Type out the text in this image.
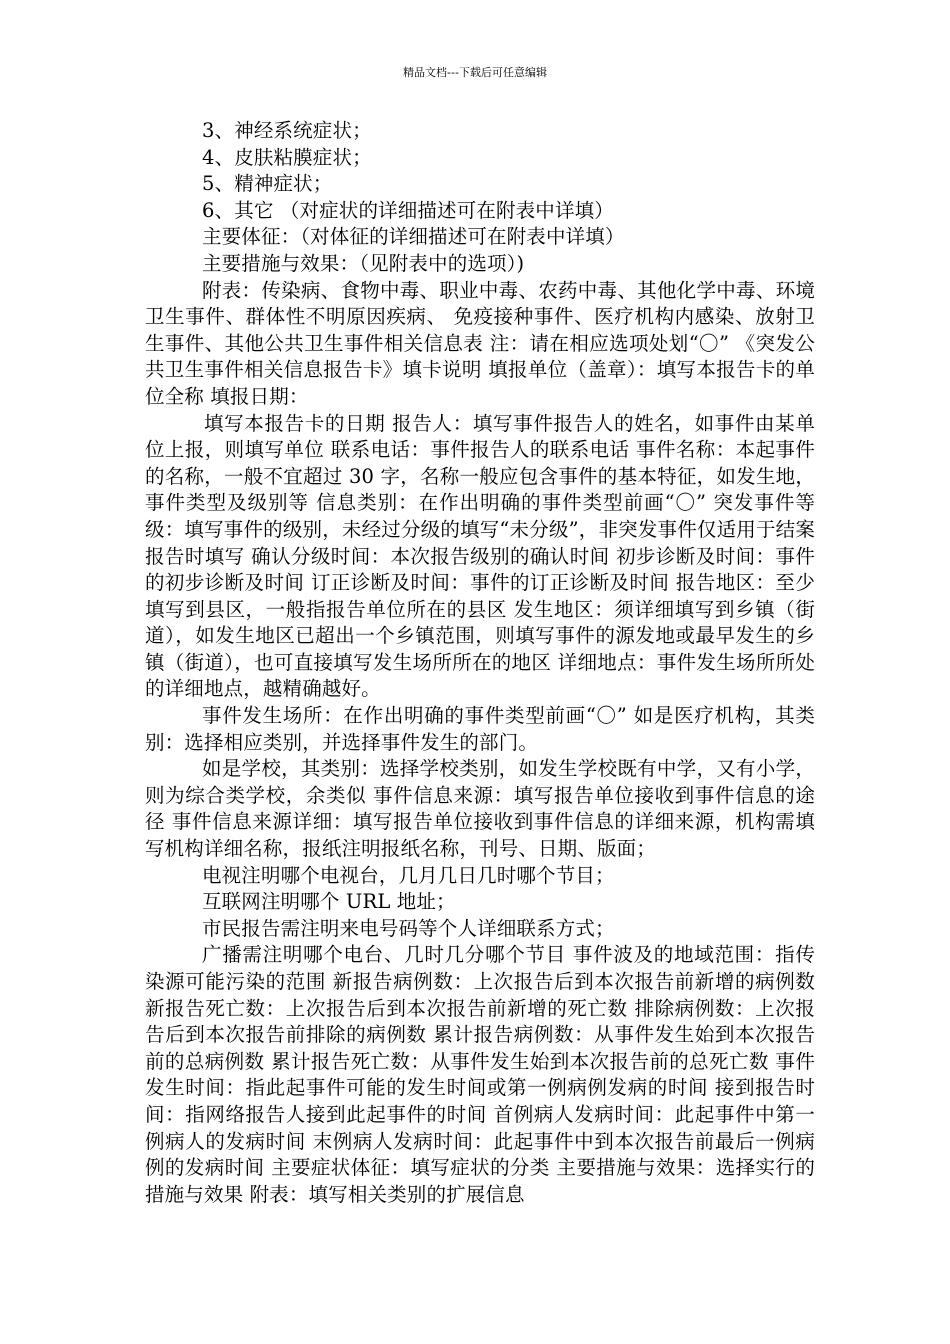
精品文档---下载后可任意编辑

3、神经系统症状；

4、皮肤粘膜症状；

5、精神症状；

6、其它 （对症状的详细描述可在附表中详填）

主要体征：（对体征的详细描述可在附表中详填）

主要措施与效果：（见附表中的选项）)

附表：传染病、食物中毒、职业中毒、农药中毒、其他化学中毒、环境卫生事件、群体性不明原因疾病、 免疫接种事件、医疗机构内感染、放射卫生事件、其他公共卫生事件相关信息表 注：请在相应选项处划“〇” 《突发公共卫生事件相关信息报告卡》填卡说明 填报单位（盖章）：填写本报告卡的单位全称 填报日期：

填写本报告卡的日期 报告人：填写事件报告人的姓名，如事件由某单位上报，则填写单位 联系电话：事件报告人的联系电话 事件名称：本起事件的名称，一般不宜超过 30 字，名称一般应包含事件的基本特征，如发生地，事件类型及级别等 信息类别：在作出明确的事件类型前画“〇” 突发事件等级：填写事件的级别，未经过分级的填写“未分级”，非突发事件仅适用于结案报告时填写 确认分级时间：本次报告级别的确认时间 初步诊断及时间：事件的初步诊断及时间 订正诊断及时间：事件的订正诊断及时间 报告地区：至少填写到县区，一般指报告单位所在的县区 发生地区：须详细填写到乡镇（街道），如发生地区已超出一个乡镇范围，则填写事件的源发地或最早发生的乡镇（街道），也可直接填写发生场所所在的地区 详细地点：事件发生场所所处的详细地点，越精确越好。

事件发生场所：在作出明确的事件类型前画“〇” 如是医疗机构，其类别：选择相应类别，并选择事件发生的部门。

如是学校，其类别：选择学校类别，如发生学校既有中学，又有小学，则为综合类学校，余类似 事件信息来源：填写报告单位接收到事件信息的途径 事件信息来源详细：填写报告单位接收到事件信息的详细来源，机构需填写机构详细名称，报纸注明报纸名称，刊号、日期、版面；

电视注明哪个电视台，几月几日几时哪个节目；

互联网注明哪个 URL 地址；

市民报告需注明来电号码等个人详细联系方式；

广播需注明哪个电台、几时几分哪个节目 事件波及的地域范围：指传染源可能污染的范围 新报告病例数：上次报告后到本次报告前新增的病例数 新报告死亡数：上次报告后到本次报告前新增的死亡数 排除病例数：上次报告后到本次报告前排除的病例数 累计报告病例数：从事件发生始到本次报告前的总病例数 累计报告死亡数：从事件发生始到本次报告前的总死亡数 事件发生时间：指此起事件可能的发生时间或第一例病例发病的时间 接到报告时间：指网络报告人接到此起事件的时间 首例病人发病时间：此起事件中第一例病人的发病时间 末例病人发病时间：此起事件中到本次报告前最后一例病例的发病时间 主要症状体征：填写症状的分类 主要措施与效果：选择实行的措施与效果 附表：填写相关类别的扩展信息
